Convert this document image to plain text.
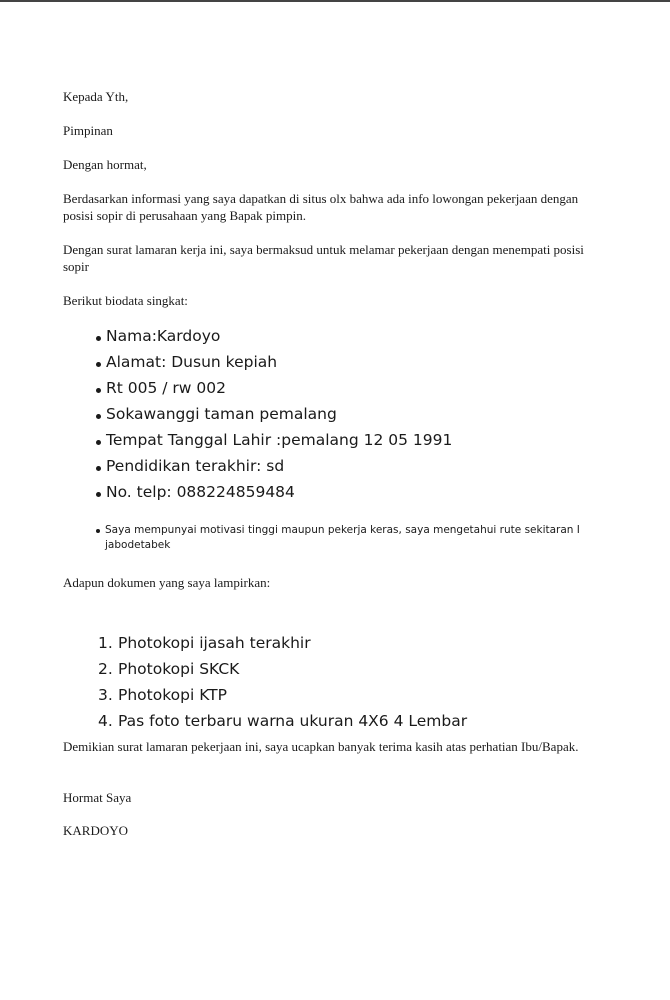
Kepada Yth,
Pimpinan
Dengan hormat,

Berdasarkan informasi yang saya dapatkan di situs olx bahwa ada info lowongan pekerjaan dengan posisi sopir di perusahaan yang Bapak pimpin.

Dengan surat lamaran kerja ini, saya bermaksud untuk melamar pekerjaan dengan menempati posisi sopir

Berikut biodata singkat:
Nama:Kardoyo
Alamat: Dusun kepiah
Rt 005 / rw 002
Sokawanggi taman pemalang
Tempat Tanggal Lahir :pemalang 12 05 1991
Pendidikan terakhir: sd
No. telp: 088224859484
Saya mempunyai motivasi tinggi maupun pekerja keras, saya mengetahui rute sekitaran I jabodetabek
Adapun dokumen yang saya lampirkan:
1. Photokopi ijasah terakhir
2. Photokopi SKCK
3. Photokopi KTP
4. Pas foto terbaru warna ukuran 4X6 4 Lembar

Demikian surat lamaran pekerjaan ini, saya ucapkan banyak terima kasih atas perhatian Ibu/Bapak.

Hormat Saya
KARDOYO
